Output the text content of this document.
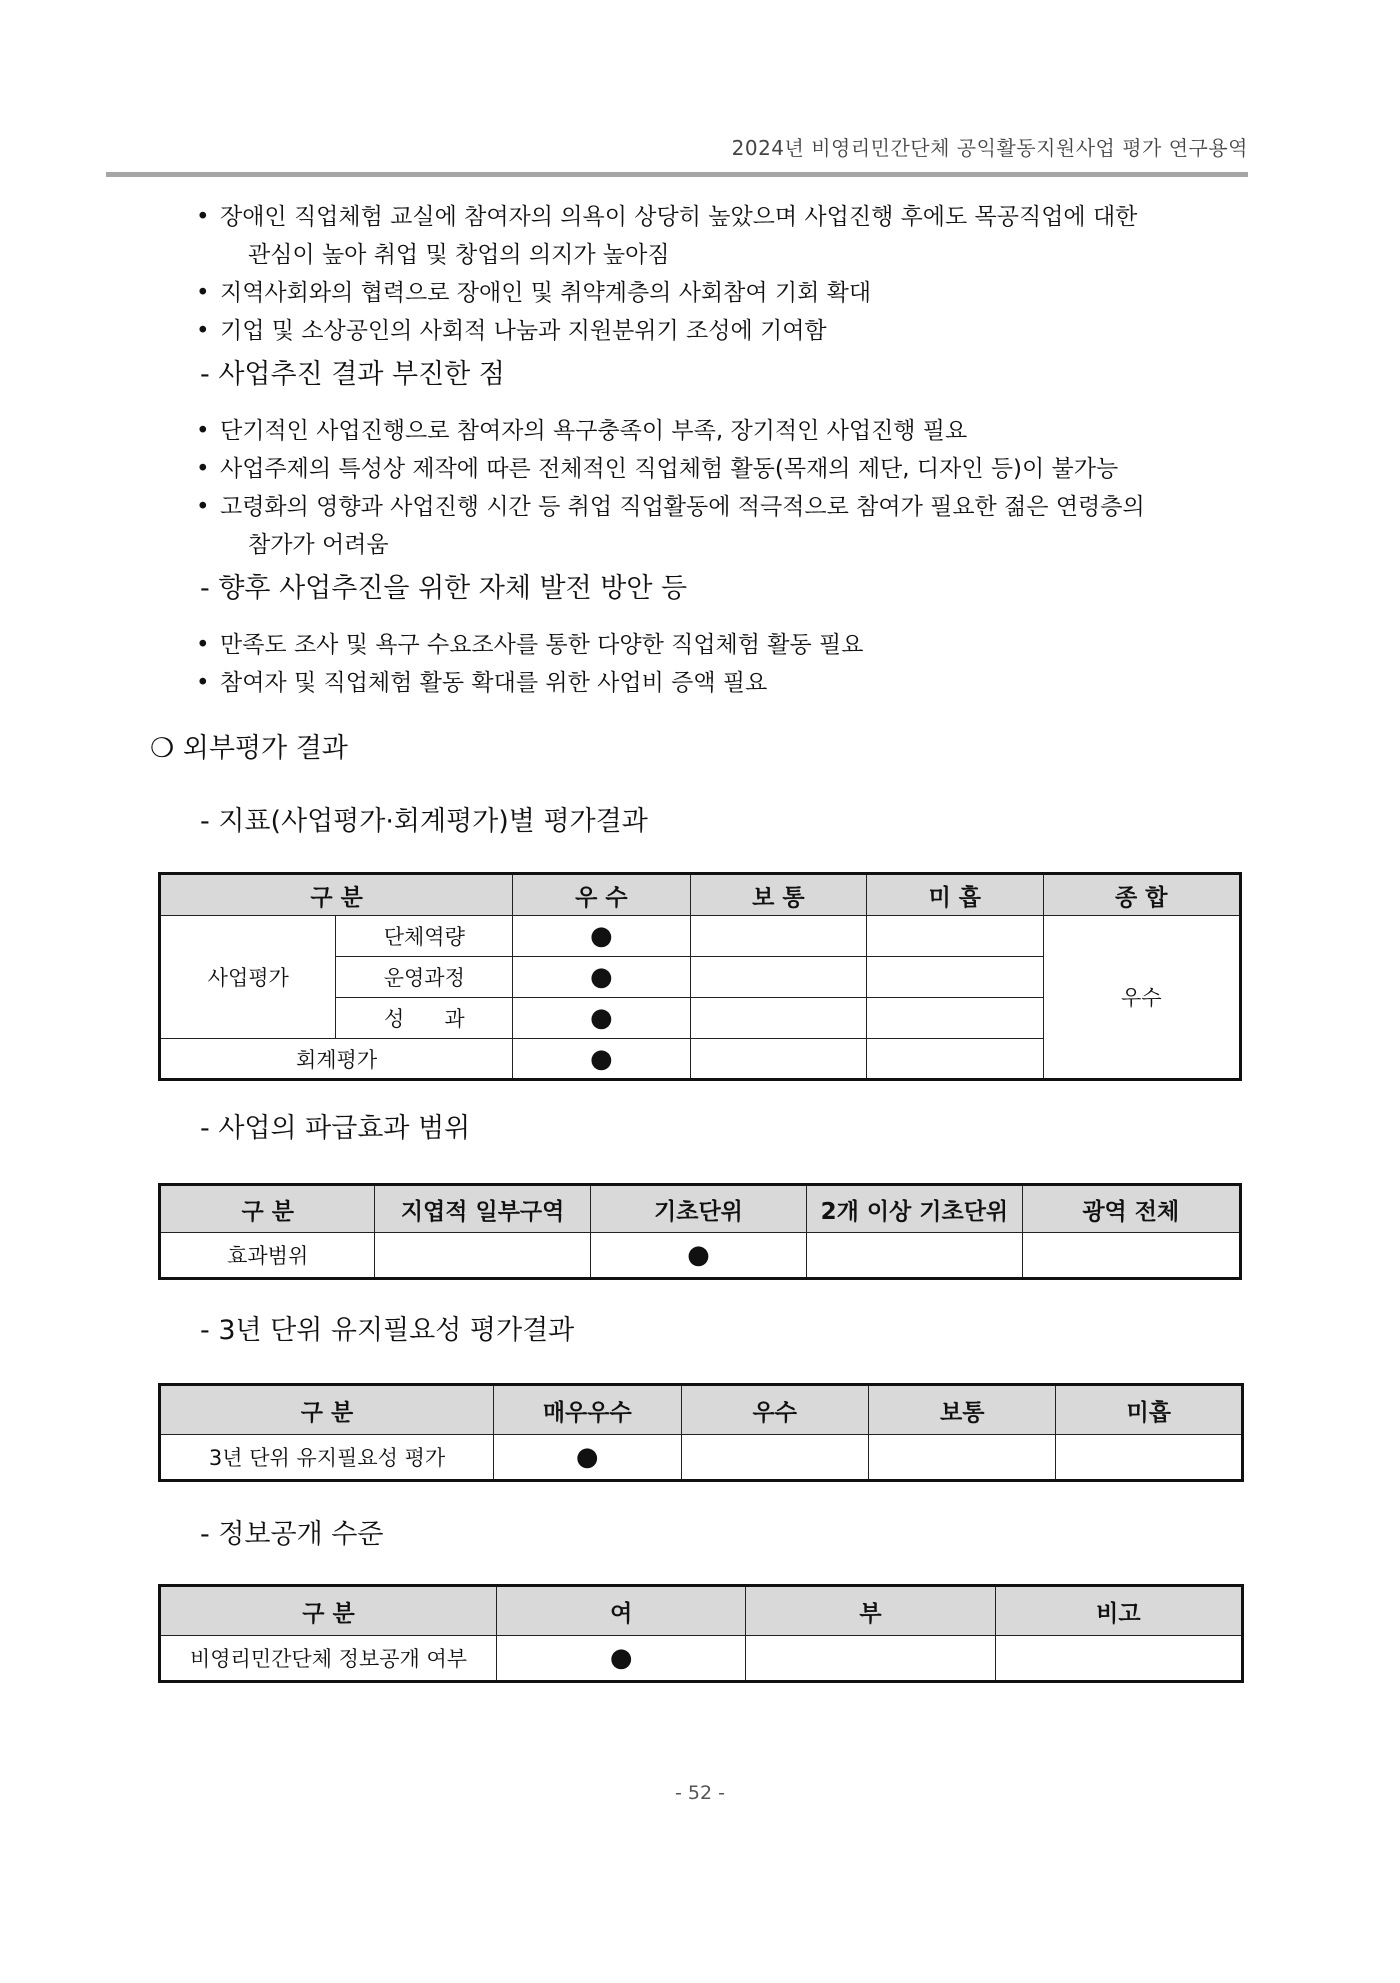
2024년 비영리민간단체 공익활동지원사업 평가 연구용역
• 장애인 직업체험 교실에 참여자의 의욕이 상당히 높았으며 사업진행 후에도 목공직업에 대한
관심이 높아 취업 및 창업의 의지가 높아짐
• 지역사회와의 협력으로 장애인 및 취약계층의 사회참여 기회 확대
• 기업 및 소상공인의 사회적 나눔과 지원분위기 조성에 기여함
- 사업추진 결과 부진한 점
• 단기적인 사업진행으로 참여자의 욕구충족이 부족, 장기적인 사업진행 필요
• 사업주제의 특성상 제작에 따른 전체적인 직업체험 활동(목재의 제단, 디자인 등)이 불가능
• 고령화의 영향과 사업진행 시간 등 취업 직업활동에 적극적으로 참여가 필요한 젊은 연령층의
참가가 어려움
- 향후 사업추진을 위한 자체 발전 방안 등
• 만족도 조사 및 욕구 수요조사를 통한 다양한 직업체험 활동 필요
• 참여자 및 직업체험 활동 확대를 위한 사업비 증액 필요
❍ 외부평가 결과
- 지표(사업평가·회계평가)별 평가결과
구 분		우 수	보 통	미 흡	종 합
사업평가	단체역량	●			우수
	운영과정	●			
	성      과	●			
회계평가		●			
- 사업의 파급효과 범위
구 분	지엽적 일부구역	기초단위	2개 이상 기초단위	광역 전체
효과범위		●		
- 3년 단위 유지필요성 평가결과
구 분	매우우수	우수	보통	미흡
3년 단위 유지필요성 평가	●			
- 정보공개 수준
구 분	여	부	비고
비영리민간단체 정보공개 여부	●		
- 52 -
